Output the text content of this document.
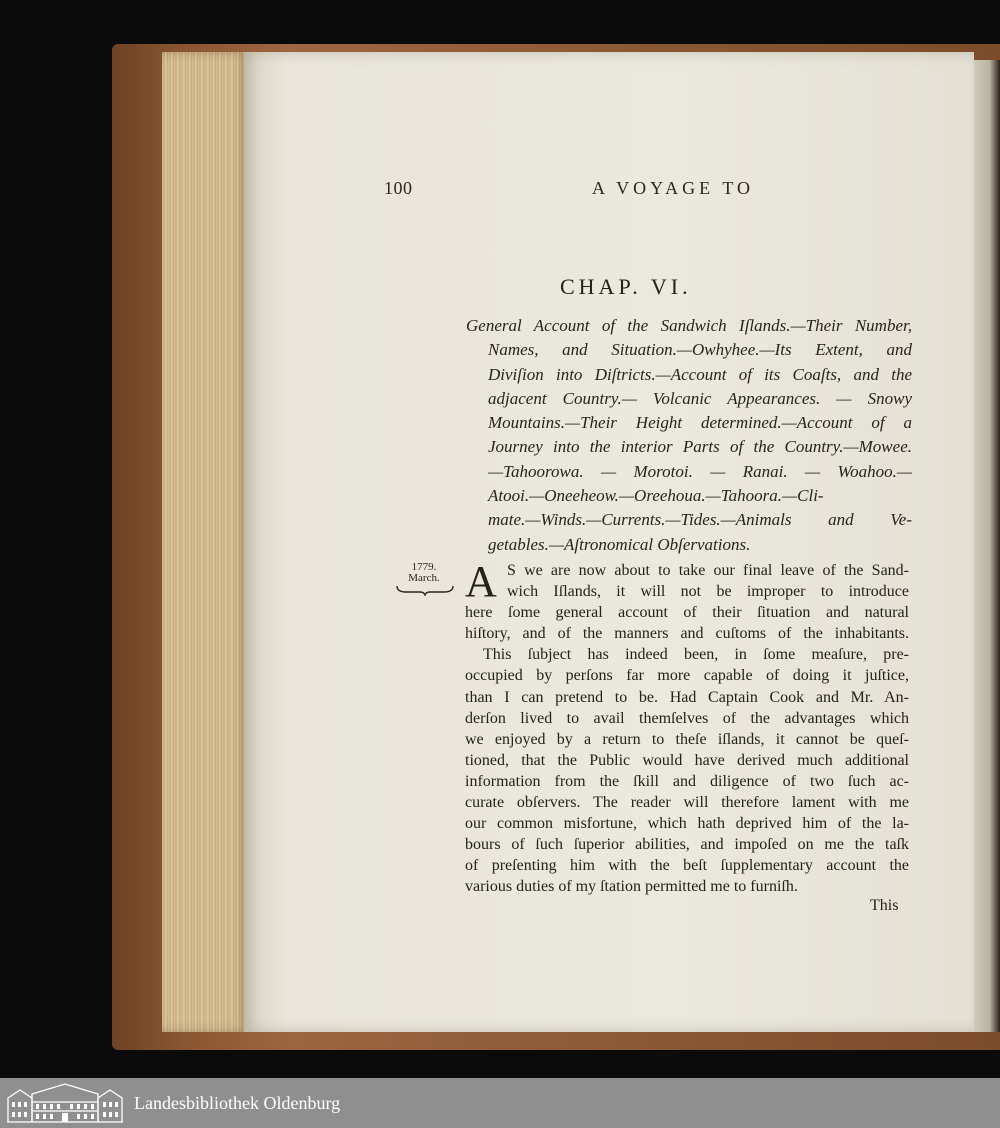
100	A VOYAGE TO
CHAP. VI.
General Account of the Sandwich Iſlands.—Their Number,
Names, and Situation.—Owhyhee.—Its Extent, and
Diviſion into Diſtricts.—Account of its Coaſts, and the
adjacent Country.— Volcanic Appearances. — Snowy
Mountains.—Their Height determined.—Account of a
Journey into the interior Parts of the Country.—Mowee.
—Tahoorowa. — Morotoi. — Ranai. — Woahoo.—
Atooi.—Oneeheow.—Oreehoua.—Tahoora.—Cli-
mate.—Winds.—Currents.—Tides.—Animals and Ve-
getables.—Aſtronomical Obſervations.
1779.
March. A S we are now about to take our final leave of the Sand-
wich Iſlands, it will not be improper to introduce
here ſome general account of their ſituation and natural
hiſtory, and of the manners and cuſtoms of the inhabitants.
This ſubject has indeed been, in ſome meaſure, pre-
occupied by perſons far more capable of doing it juſtice,
than I can pretend to be. Had Captain Cook and Mr. An-
derſon lived to avail themſelves of the advantages which
we enjoyed by a return to theſe iſlands, it cannot be queſ-
tioned, that the Public would have derived much additional
information from the ſkill and diligence of two ſuch ac-
curate obſervers. The reader will therefore lament with me
our common misfortune, which hath deprived him of the la-
bours of ſuch ſuperior abilities, and impoſed on me the taſk
of preſenting him with the beſt ſupplementary account the
various duties of my ſtation permitted me to furniſh.
This
Landesbibliothek Oldenburg
